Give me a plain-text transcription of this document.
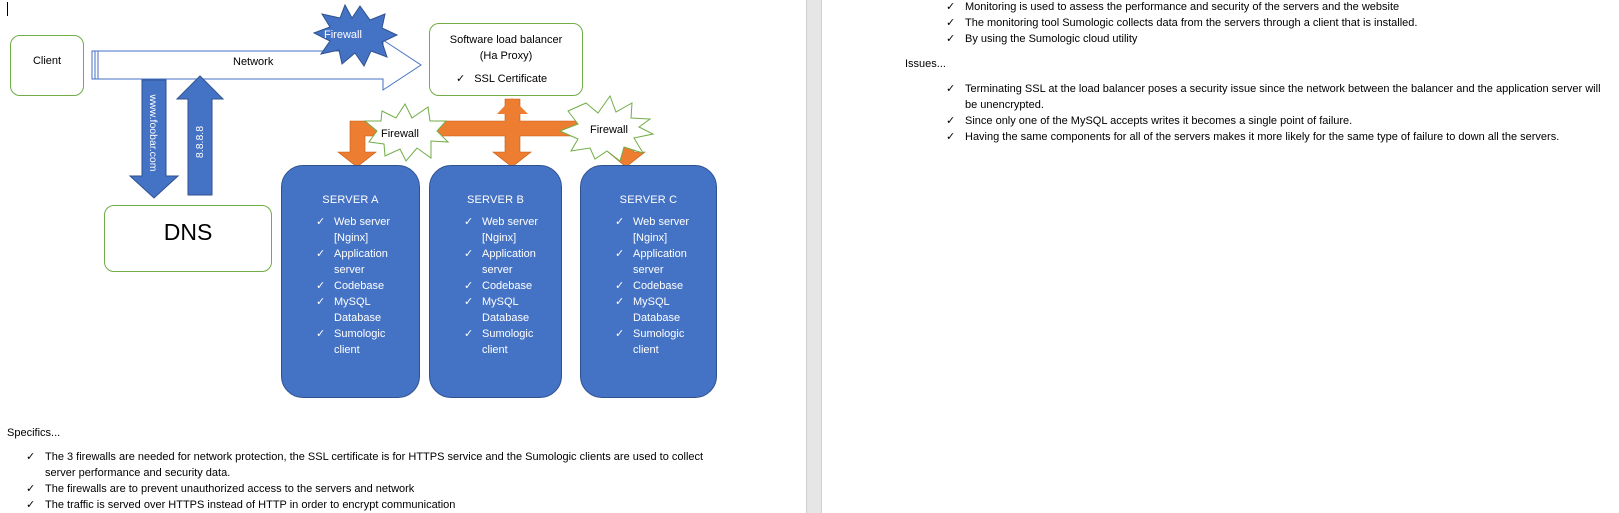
Client	Network
Software load balancer
(Ha Proxy)
✓ SSL Certificate
DNS
www.foobar.com	8.8.8.8
Firewall
Firewall	Firewall
SERVER A
✓ Web server [Nginx]
✓ Application server
✓ Codebase
✓ MySQL Database
✓ Sumologic client
SERVER B
✓ Web server [Nginx]
✓ Application server
✓ Codebase
✓ MySQL Database
✓ Sumologic client
SERVER C
✓ Web server [Nginx]
✓ Application server
✓ Codebase
✓ MySQL Database
✓ Sumologic client
Specifics...
✓ The 3 firewalls are needed for network protection, the SSL certificate is for HTTPS service and the Sumologic clients are used to collect server performance and security data.
✓ The firewalls are to prevent unauthorized access to the servers and network
✓ The traffic is served over HTTPS instead of HTTP in order to encrypt communication
✓ Monitoring is used to assess the performance and security of the servers and the website
✓ The monitoring tool Sumologic collects data from the servers through a client that is installed.
✓ By using the Sumologic cloud utility
Issues...
✓ Terminating SSL at the load balancer poses a security issue since the network between the balancer and the application server will be unencrypted.
✓ Since only one of the MySQL accepts writes it becomes a single point of failure.
✓ Having the same components for all of the servers makes it more likely for the same type of failure to down all the servers.
